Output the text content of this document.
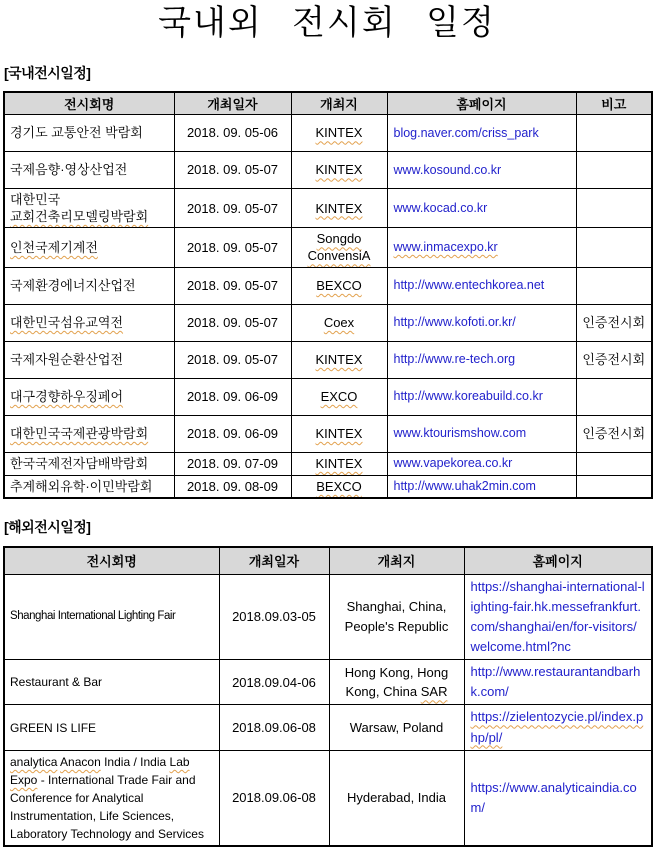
국내외 전시회 일정
[국내전시일정]
전시회명	개최일자	개최지	홈페이지	비고
경기도 교통안전 박람회	2018. 09. 05-06	KINTEX	blog.naver.com/criss_park	
국제음향·영상산업전	2018. 09. 05-07	KINTEX	www.kosound.co.kr	
대한민국 교회건축리모델링박람회	2018. 09. 05-07	KINTEX	www.kocad.co.kr	
인천국제기계전	2018. 09. 05-07	Songdo ConvensiA	www.inmacexpo.kr	
국제환경에너지산업전	2018. 09. 05-07	BEXCO	http://www.entechkorea.net	
대한민국섬유교역전	2018. 09. 05-07	Coex	http://www.kofoti.or.kr/	인증전시회
국제자원순환산업전	2018. 09. 05-07	KINTEX	http://www.re-tech.org	인증전시회
대구경향하우징페어	2018. 09. 06-09	EXCO	http://www.koreabuild.co.kr	
대한민국국제관광박람회	2018. 09. 06-09	KINTEX	www.ktourismshow.com	인증전시회
한국국제전자담배박람회	2018. 09. 07-09	KINTEX	www.vapekorea.co.kr	
추계해외유학·이민박람회	2018. 09. 08-09	BEXCO	http://www.uhak2min.com	
[해외전시일정]
전시회명	개최일자	개최지	홈페이지
Shanghai International Lighting Fair	2018.09.03-05	Shanghai, China, People's Republic	https://shanghai-international-lighting-fair.hk.messefrankfurt.com/shanghai/en/for-visitors/welcome.html?nc
Restaurant & Bar	2018.09.04-06	Hong Kong, Hong Kong, China SAR	http://www.restaurantandbarhk.com/
GREEN IS LIFE	2018.09.06-08	Warsaw, Poland	https://zielentozycie.pl/index.php/pl/
analytica Anacon India / India Lab Expo - International Trade Fair and Conference for Analytical Instrumentation, Life Sciences, Laboratory Technology and Services	2018.09.06-08	Hyderabad, India	https://www.analyticaindia.com/
